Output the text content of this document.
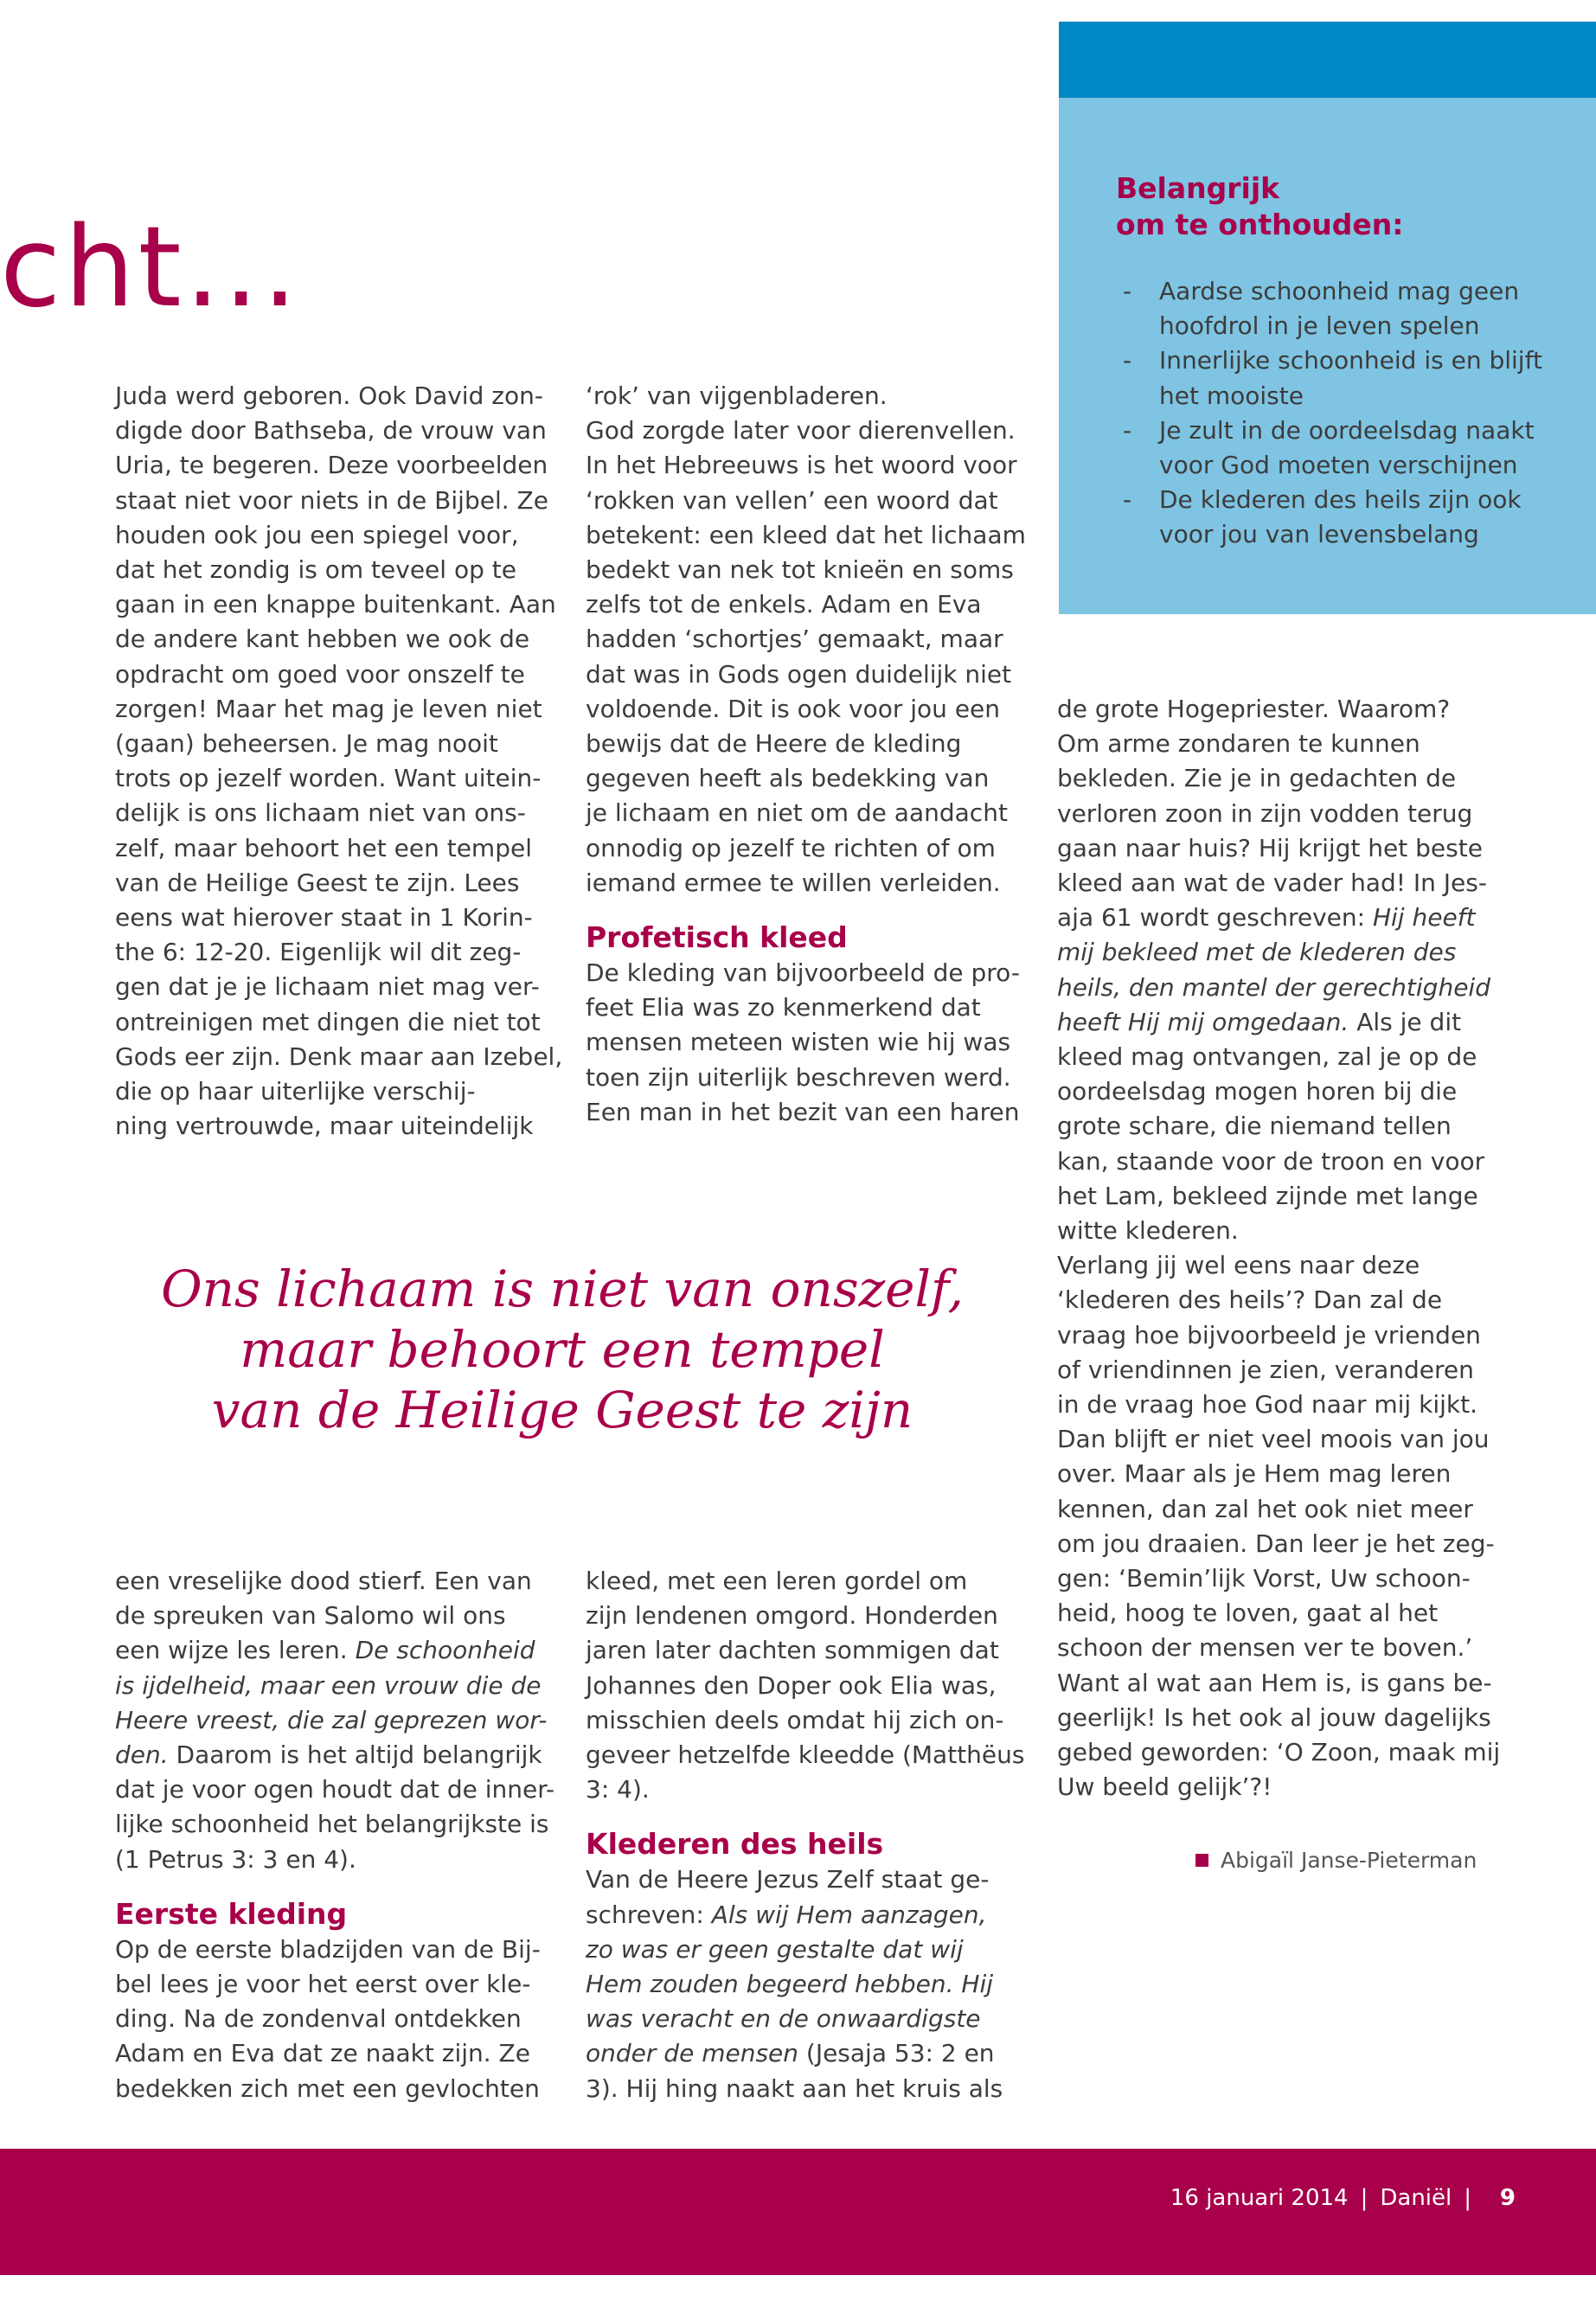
cht...
Belangrijk
om te onthouden:
- Aardse schoonheid mag geen hoofdrol in je leven spelen
- Innerlijke schoonheid is en blijft het mooiste
- Je zult in de oordeelsdag naakt voor God moeten verschijnen
- De klederen des heils zijn ook voor jou van levensbelang

Juda werd geboren. Ook David zon-
digde door Bathseba, de vrouw van
Uria, te begeren. Deze voorbeelden
staat niet voor niets in de Bijbel. Ze
houden ook jou een spiegel voor,
dat het zondig is om teveel op te
gaan in een knappe buitenkant. Aan
de andere kant hebben we ook de
opdracht om goed voor onszelf te
zorgen! Maar het mag je leven niet
(gaan) beheersen. Je mag nooit
trots op jezelf worden. Want uitein-
delijk is ons lichaam niet van ons-
zelf, maar behoort het een tempel
van de Heilige Geest te zijn. Lees
eens wat hierover staat in 1 Korin-
the 6: 12-20. Eigenlijk wil dit zeg-
gen dat je je lichaam niet mag ver-
ontreinigen met dingen die niet tot
Gods eer zijn. Denk maar aan Izebel,
die op haar uiterlijke verschij-
ning vertrouwde, maar uiteindelijk

‘rok’ van vijgenbladeren.
God zorgde later voor dierenvellen.
In het Hebreeuws is het woord voor
‘rokken van vellen’ een woord dat
betekent: een kleed dat het lichaam
bedekt van nek tot knieën en soms
zelfs tot de enkels. Adam en Eva
hadden ‘schortjes’ gemaakt, maar
dat was in Gods ogen duidelijk niet
voldoende. Dit is ook voor jou een
bewijs dat de Heere de kleding
gegeven heeft als bedekking van
je lichaam en niet om de aandacht
onnodig op jezelf te richten of om
iemand ermee te willen verleiden.

Profetisch kleed

De kleding van bijvoorbeeld de pro-
feet Elia was zo kenmerkend dat
mensen meteen wisten wie hij was
toen zijn uiterlijk beschreven werd.
Een man in het bezit van een haren

Ons lichaam is niet van onszelf,
maar behoort een tempel
van de Heilige Geest te zijn

een vreselijke dood stierf. Een van
de spreuken van Salomo wil ons
een wijze les leren. De schoonheid
is ijdelheid, maar een vrouw die de
Heere vreest, die zal geprezen wor-
den. Daarom is het altijd belangrijk
dat je voor ogen houdt dat de inner-
lijke schoonheid het belangrijkste is
(1 Petrus 3: 3 en 4).

Eerste kleding

Op de eerste bladzijden van de Bij-
bel lees je voor het eerst over kle-
ding. Na de zondenval ontdekken
Adam en Eva dat ze naakt zijn. Ze
bedekken zich met een gevlochten

kleed, met een leren gordel om
zijn lendenen omgord. Honderden
jaren later dachten sommigen dat
Johannes den Doper ook Elia was,
misschien deels omdat hij zich on-
geveer hetzelfde kleedde (Matthëus
3: 4).

Klederen des heils

Van de Heere Jezus Zelf staat ge-
schreven: Als wij Hem aanzagen,
zo was er geen gestalte dat wij
Hem zouden begeerd hebben. Hij
was veracht en de onwaardigste
onder de mensen (Jesaja 53: 2 en
3). Hij hing naakt aan het kruis als

de grote Hogepriester. Waarom?
Om arme zondaren te kunnen
bekleden. Zie je in gedachten de
verloren zoon in zijn vodden terug
gaan naar huis? Hij krijgt het beste
kleed aan wat de vader had! In Jes-
aja 61 wordt geschreven: Hij heeft
mij bekleed met de klederen des
heils, den mantel der gerechtigheid
heeft Hij mij omgedaan. Als je dit
kleed mag ontvangen, zal je op de
oordeelsdag mogen horen bij die
grote schare, die niemand tellen
kan, staande voor de troon en voor
het Lam, bekleed zijnde met lange
witte klederen.
Verlang jij wel eens naar deze
‘klederen des heils’? Dan zal de
vraag hoe bijvoorbeeld je vrienden
of vriendinnen je zien, veranderen
in de vraag hoe God naar mij kijkt.
Dan blijft er niet veel moois van jou
over. Maar als je Hem mag leren
kennen, dan zal het ook niet meer
om jou draaien. Dan leer je het zeg-
gen: ‘Bemin’lijk Vorst, Uw schoon-
heid, hoog te loven, gaat al het
schoon der mensen ver te boven.’
Want al wat aan Hem is, is gans be-
geerlijk! Is het ook al jouw dagelijks
gebed geworden: ‘O Zoon, maak mij
Uw beeld gelijk’?!

Abigaïl Janse-Pieterman
16 januari 2014 | Daniël |	9
